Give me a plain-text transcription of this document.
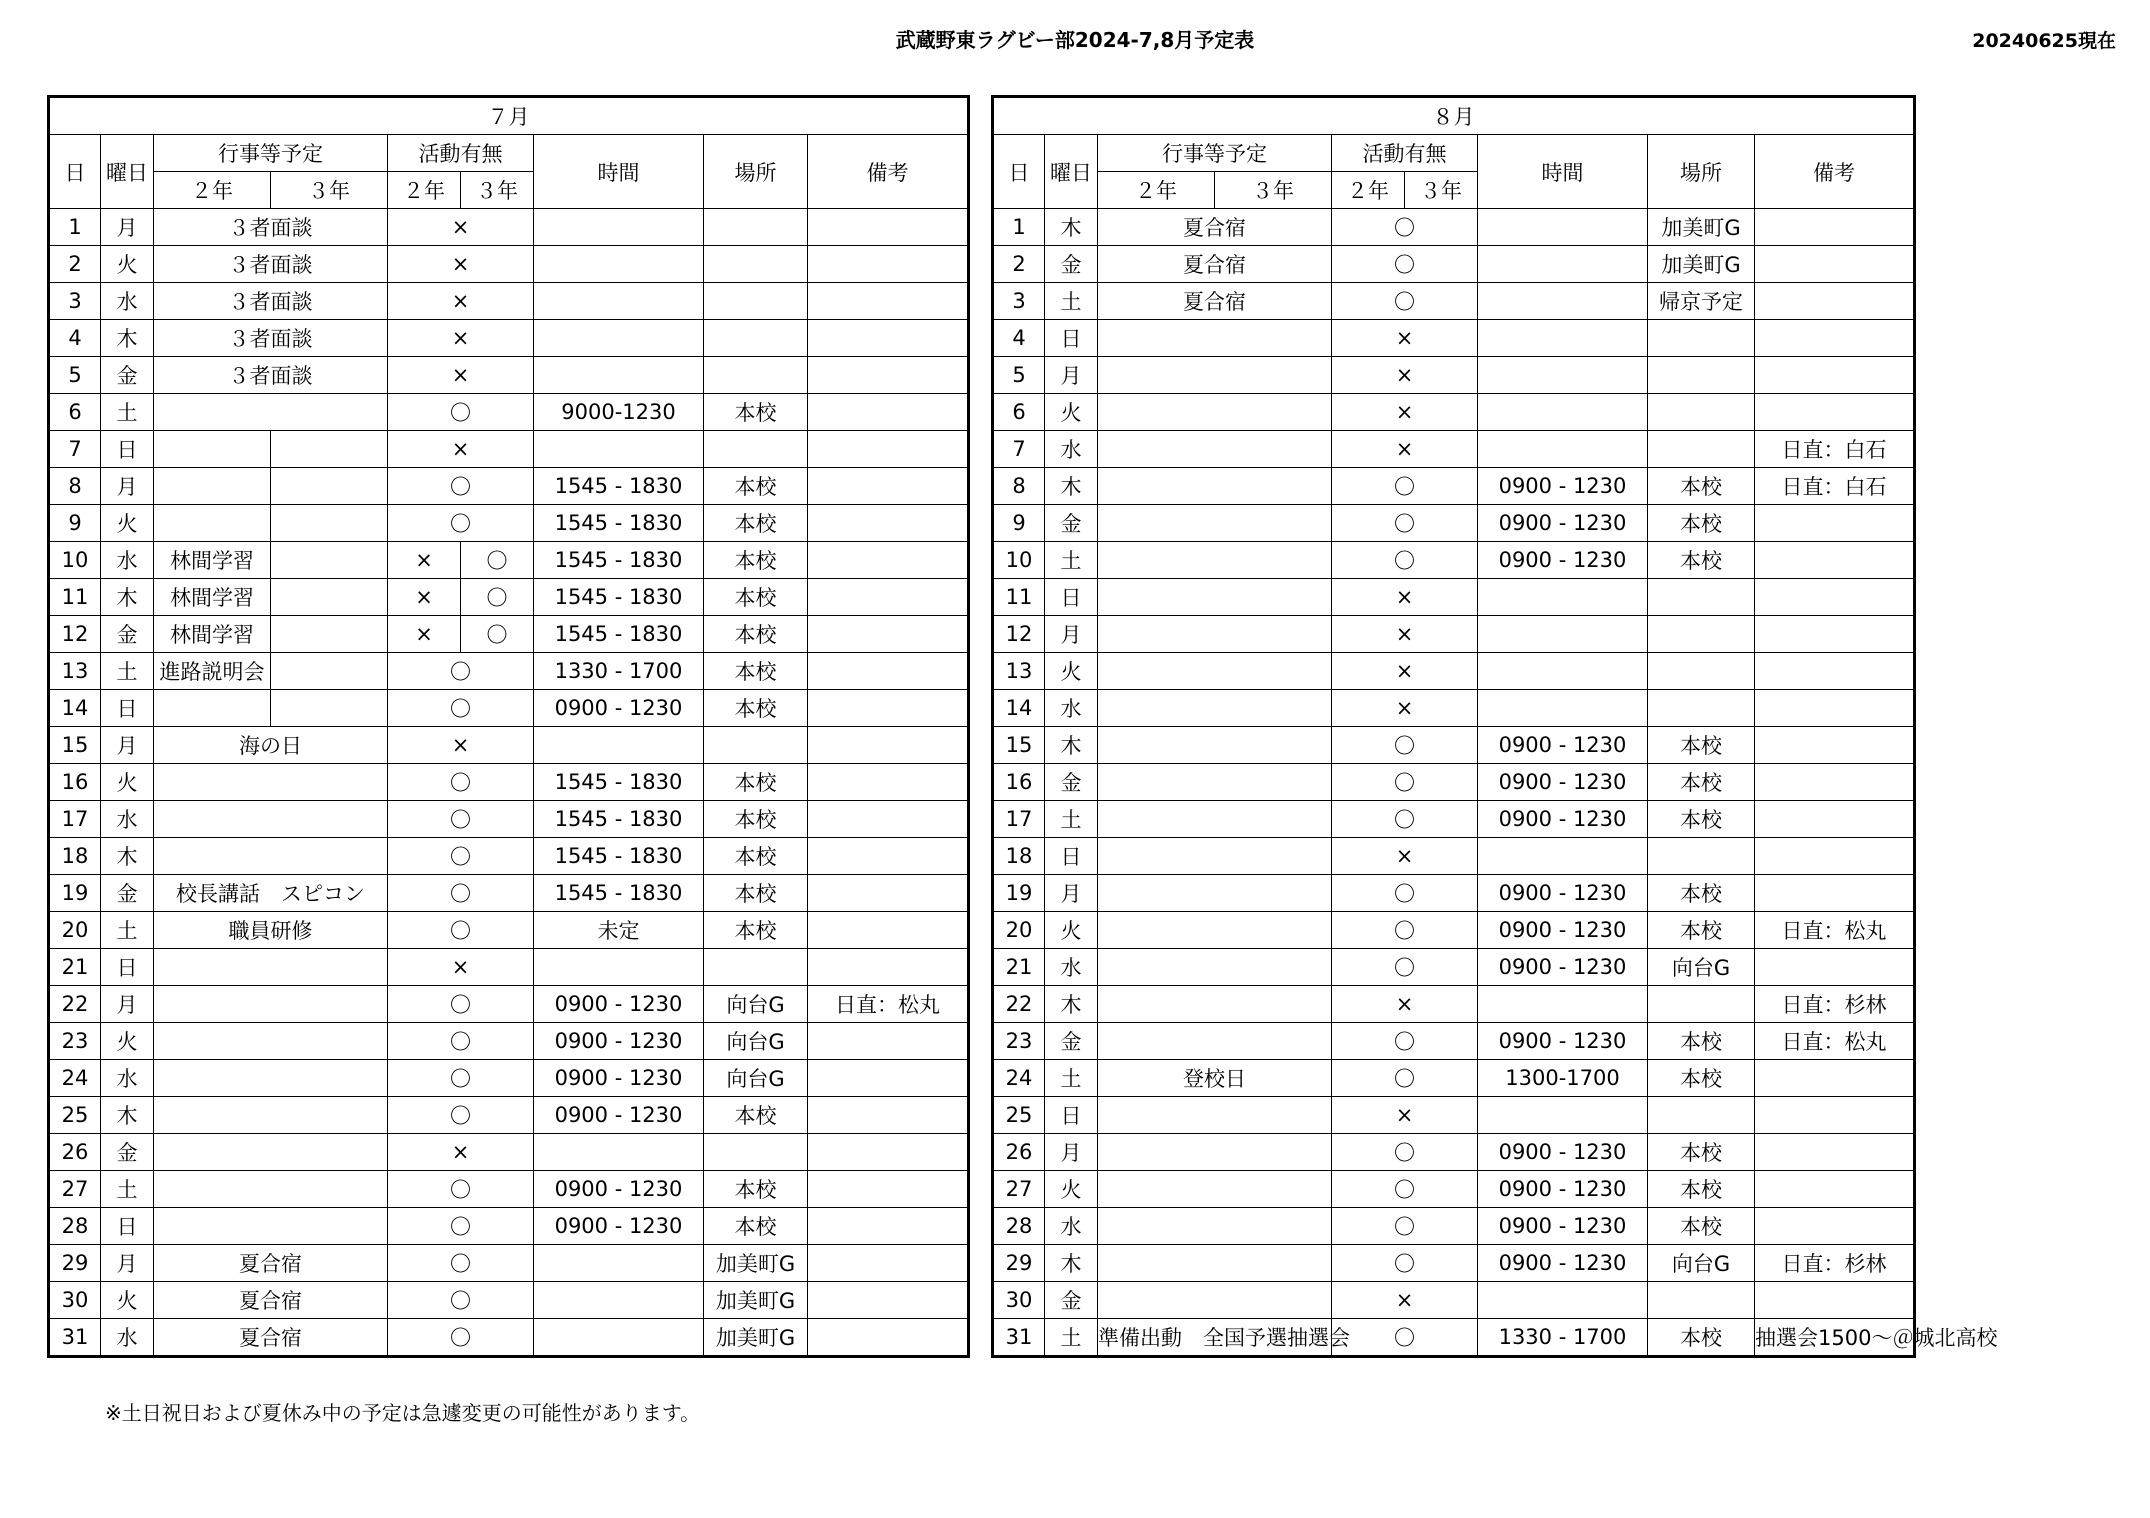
武蔵野東ラグビー部2024-7,8月予定表	20240625現在
７月								
日	曜日	行事等予定		活動有無		時間	場所	備考
		２年	３年	２年	３年			
1	月	３者面談		×				
2	火	３者面談		×				
3	水	３者面談		×				
4	木	３者面談		×				
5	金	３者面談		×				
6	土			〇		9000-1230	本校	
7	日			×				
8	月			〇		1545 - 1830	本校	
9	火			〇		1545 - 1830	本校	
10	水	林間学習		×	〇	1545 - 1830	本校	
11	木	林間学習		×	〇	1545 - 1830	本校	
12	金	林間学習		×	〇	1545 - 1830	本校	
13	土	進路説明会		〇		1330 - 1700	本校	
14	日			〇		0900 - 1230	本校	
15	月	海の日		×				
16	火			〇		1545 - 1830	本校	
17	水			〇		1545 - 1830	本校	
18	木			〇		1545 - 1830	本校	
19	金	校長講話　スピコン		〇		1545 - 1830	本校	
20	土	職員研修		〇		未定	本校	
21	日			×				
22	月			〇		0900 - 1230	向台G	日直：松丸
23	火			〇		0900 - 1230	向台G	
24	水			〇		0900 - 1230	向台G	
25	木			〇		0900 - 1230	本校	
26	金			×				
27	土			〇		0900 - 1230	本校	
28	日			〇		0900 - 1230	本校	
29	月	夏合宿		〇			加美町G	
30	火	夏合宿		〇			加美町G	
31	水	夏合宿		〇			加美町G	
８月								
日	曜日	行事等予定		活動有無		時間	場所	備考
		２年	３年	２年	３年			
1	木	夏合宿		〇			加美町G	
2	金	夏合宿		〇			加美町G	
3	土	夏合宿		〇			帰京予定	
4	日			×				
5	月			×				
6	火			×				
7	水			×				日直：白石
8	木			〇		0900 - 1230	本校	日直：白石
9	金			〇		0900 - 1230	本校	
10	土			〇		0900 - 1230	本校	
11	日			×				
12	月			×				
13	火			×				
14	水			×				
15	木			〇		0900 - 1230	本校	
16	金			〇		0900 - 1230	本校	
17	土			〇		0900 - 1230	本校	
18	日			×				
19	月			〇		0900 - 1230	本校	
20	火			〇		0900 - 1230	本校	日直：松丸
21	水			〇		0900 - 1230	向台G	
22	木			×				日直：杉林
23	金			〇		0900 - 1230	本校	日直：松丸
24	土	登校日		〇		1300-1700	本校	
25	日			×				
26	月			〇		0900 - 1230	本校	
27	火			〇		0900 - 1230	本校	
28	水			〇		0900 - 1230	本校	
29	木			〇		0900 - 1230	向台G	日直：杉林
30	金			×				
31	土	準備出動　全国予選抽選会		〇		1330 - 1700	本校	抽選会1500～＠城北高校
※土日祝日および夏休み中の予定は急遽変更の可能性があります。
